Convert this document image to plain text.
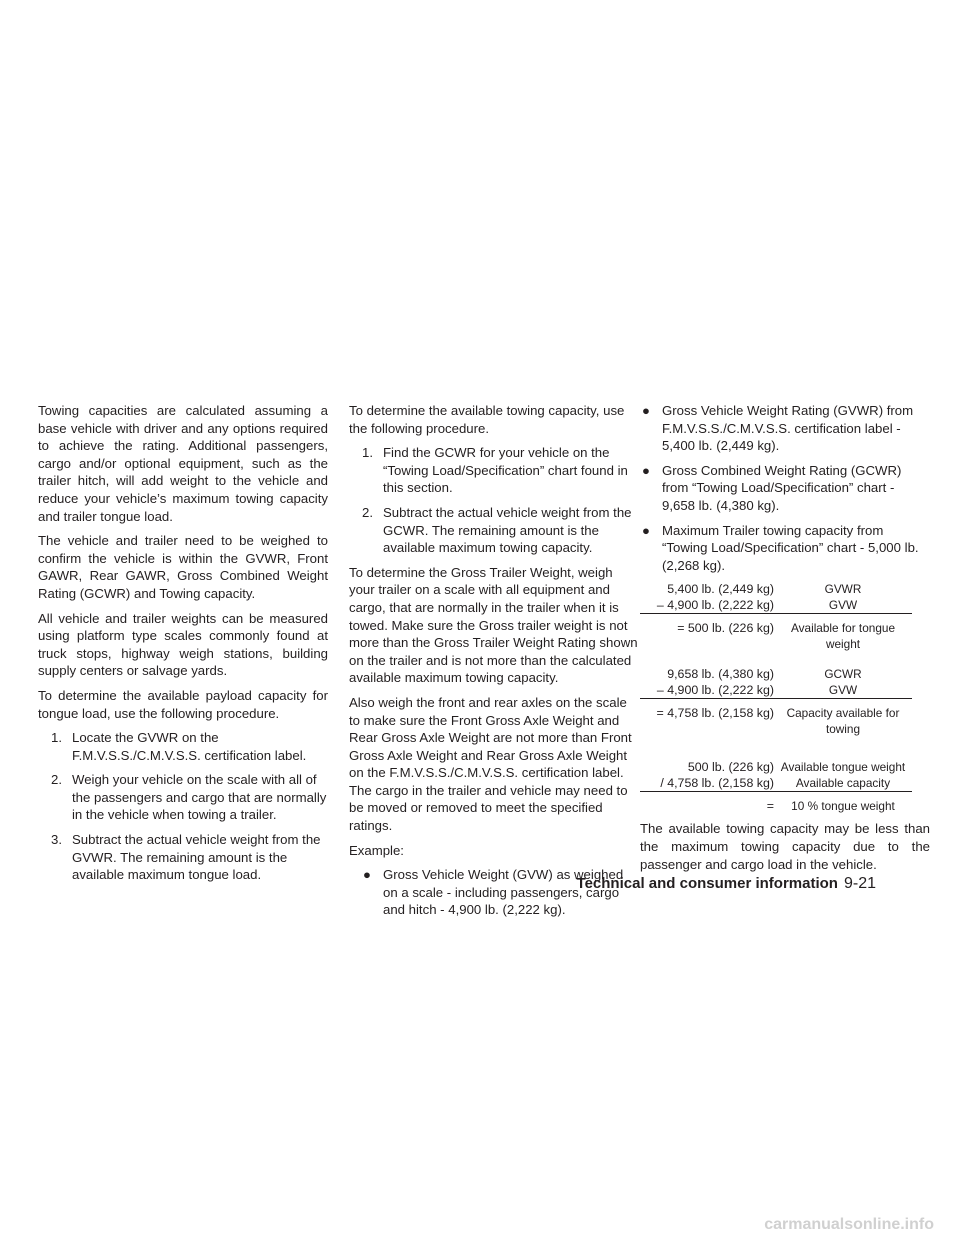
Towing capacities are calculated assuming a base vehicle with driver and any options required to achieve the rating. Additional passengers, cargo and/or optional equipment, such as the trailer hitch, will add weight to the vehicle and reduce your vehicle’s maximum towing capacity and trailer tongue load.

The vehicle and trailer need to be weighed to confirm the vehicle is within the GVWR, Front GAWR, Rear GAWR, Gross Combined Weight Rating (GCWR) and Towing capacity.

All vehicle and trailer weights can be measured using platform type scales commonly found at truck stops, highway weigh stations, building supply centers or salvage yards.

To determine the available payload capacity for tongue load, use the following procedure.

1. Locate the GVWR on the F.M.V.S.S./C.M.V.S.S. certification label.
2. Weigh your vehicle on the scale with all of the passengers and cargo that are normally in the vehicle when towing a trailer.
3. Subtract the actual vehicle weight from the GVWR. The remaining amount is the available maximum tongue load.

To determine the available towing capacity, use the following procedure.

1. Find the GCWR for your vehicle on the “Towing Load/Specification” chart found in this section.
2. Subtract the actual vehicle weight from the GCWR. The remaining amount is the available maximum towing capacity.

To determine the Gross Trailer Weight, weigh your trailer on a scale with all equipment and cargo, that are normally in the trailer when it is towed. Make sure the Gross trailer weight is not more than the Gross Trailer Weight Rating shown on the trailer and is not more than the calculated available maximum towing capacity.

Also weigh the front and rear axles on the scale to make sure the Front Gross Axle Weight and Rear Gross Axle Weight are not more than Front Gross Axle Weight and Rear Gross Axle Weight on the F.M.V.S.S./C.M.V.S.S. certification label. The cargo in the trailer and vehicle may need to be moved or removed to meet the specified ratings.

Example:

● Gross Vehicle Weight (GVW) as weighed on a scale - including passengers, cargo and hitch - 4,900 lb. (2,222 kg).
● Gross Vehicle Weight Rating (GVWR) from F.M.V.S.S./C.M.V.S.S. certification label - 5,400 lb. (2,449 kg).
● Gross Combined Weight Rating (GCWR) from “Towing Load/Specification” chart - 9,658 lb. (4,380 kg).
● Maximum Trailer towing capacity from “Towing Load/Specification” chart - 5,000 lb. (2,268 kg).
5,400 lb. (2,449 kg)	GVWR
– 4,900 lb. (2,222 kg)	GVW
= 500 lb. (226 kg)	Available for tongue weight
9,658 lb. (4,380 kg)	GCWR
– 4,900 lb. (2,222 kg)	GVW
= 4,758 lb. (2,158 kg)	Capacity available for towing
500 lb. (226 kg) Available tongue weight
/ 4,758 lb. (2,158 kg)	Available capacity
=	10 % tongue weight

The available towing capacity may be less than the maximum towing capacity due to the passenger and cargo load in the vehicle.

Technical and consumer information 9-21
carmanualsonline.info
